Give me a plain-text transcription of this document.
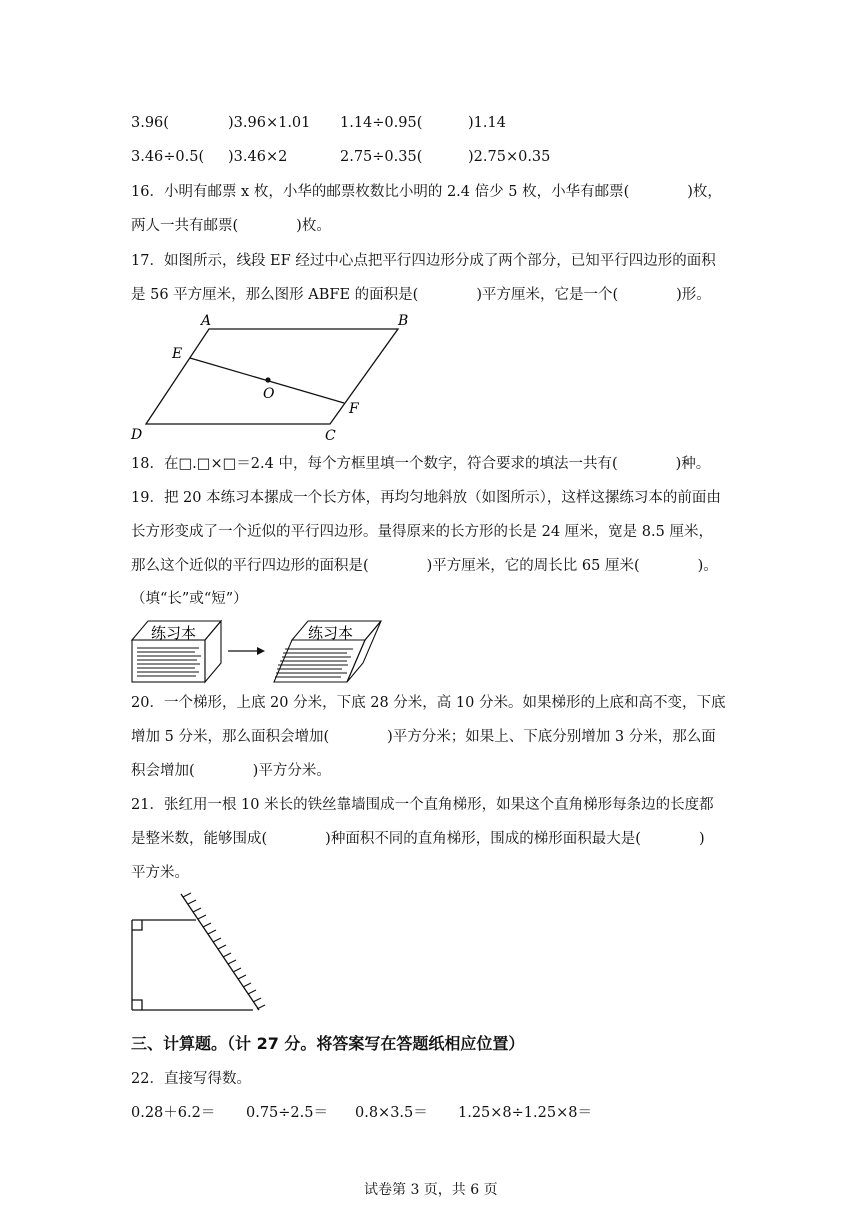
3.96(	)3.96×1.01 1.14÷0.95(	)1.14
3.46÷0.5( )3.46×2	2.75÷0.35(	)2.75×0.35
16．小明有邮票 x 枚，小华的邮票枚数比小明的 2.4 倍少 5 枚，小华有邮票(　　　　)枚，
两人一共有邮票(　　　　)枚。
17．如图所示，线段 EF 经过中心点把平行四边形分成了两个部分，已知平行四边形的面积
是 56 平方厘米，那么图形 ABFE 的面积是(　　　　)平方厘米，它是一个(　　　　)形。
A	B
E
O
F
D	C
18．在□.□×□＝2.4 中，每个方框里填一个数字，符合要求的填法一共有(　　　　)种。
19．把 20 本练习本摞成一个长方体，再均匀地斜放（如图所示），这样这摞练习本的前面由
长方形变成了一个近似的平行四边形。量得原来的长方形的长是 24 厘米，宽是 8.5 厘米，
那么这个近似的平行四边形的面积是(　　　　)平方厘米，它的周长比 65 厘米(　　　　)。
（填“长”或“短”）
练习本	练习本
20．一个梯形，上底 20 分米，下底 28 分米，高 10 分米。如果梯形的上底和高不变，下底
增加 5 分米，那么面积会增加(　　　　)平方分米；如果上、下底分别增加 3 分米，那么面
积会增加(　　　　)平方分米。
21．张红用一根 10 米长的铁丝靠墙围成一个直角梯形，如果这个直角梯形每条边的长度都
是整米数，能够围成(　　　　)种面积不同的直角梯形，围成的梯形面积最大是(　　　　)
平方米。
三、计算题。（计 27 分。将答案写在答题纸相应位置）
22．直接写得数。
0.28＋6.2＝ 0.75÷2.5＝ 0.8×3.5＝ 1.25×8÷1.25×8＝
试卷第 3 页，共 6 页
